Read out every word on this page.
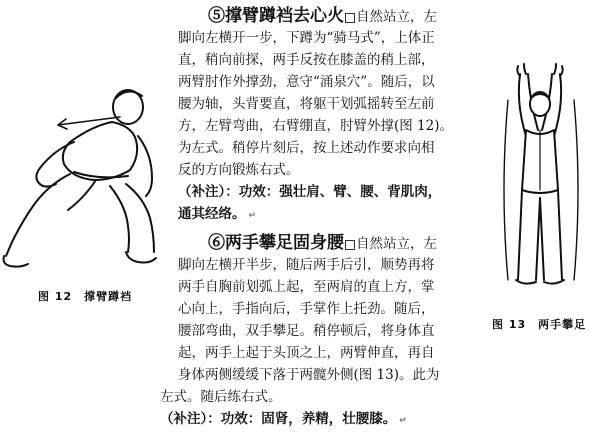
图 12　撑臂蹲裆
图 13　两手攀足
⑤撑臂蹲裆去心火 自然站立，左
脚向左横开一步，下蹲为“骑马式”，上体正
直，稍向前探，两手反按在膝盖的稍上部，
两臂肘作外撑劲，意守“涌泉穴”。随后，以
腰为轴，头背要直，将躯干划弧摇转至左前
方，左臂弯曲，右臂绷直，肘臂外撑(图 12)。
为左式。稍停片刻后，按上述动作要求向相
反的方向锻炼右式。
（补注）：功效：强壮肩、臂、腰、背肌肉，
通其经络。 ↵
⑥两手攀足固身腰 自然站立，左
脚向左横开半步，随后两手后引，顺势再将
两手自胸前划弧上起，至两肩的直上方，掌
心向上，手指向后，手掌作上托劲。随后，
腰部弯曲，双手攀足。稍停顿后，将身体直
起，两手上起于头顶之上，两臂伸直，再自
身体两侧缓缓下落于两髋外侧(图 13)。此为
左式。随后练右式。
（补注）：功效：固肾，养精，壮腰膝。 ↵
